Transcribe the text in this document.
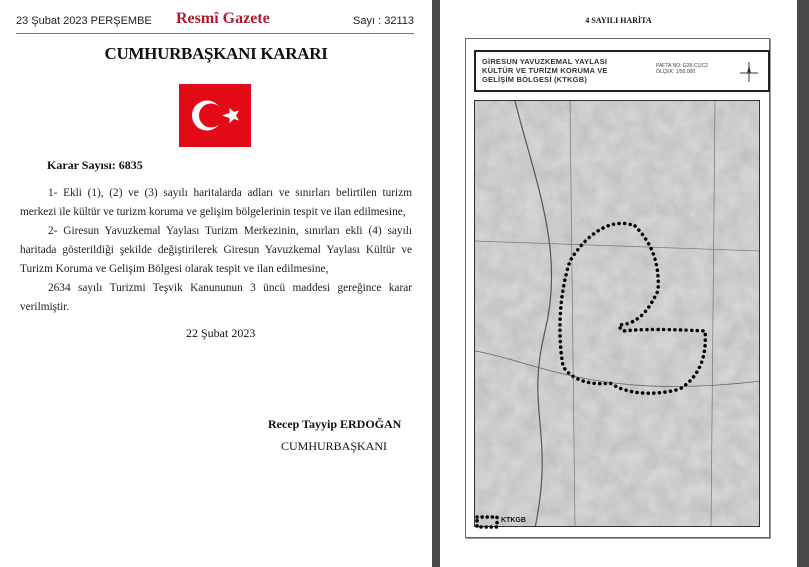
23 Şubat 2023 PERŞEMBE Resmî Gazete	Sayı : 32113
CUMHURBAŞKANI KARARI
Karar Sayısı: 6835

1- Ekli (1), (2) ve (3) sayılı haritalarda adları ve sınırları belirtilen turizm merkezi ile kültür ve turizm koruma ve gelişim bölgelerinin tespit ve ilan edilmesine,

2- Giresun Yavuzkemal Yaylası Turizm Merkezinin, sınırları ekli (4) sayılı haritada gösterildiği şekilde değiştirilerek Giresun Yavuzkemal Yaylası Kültür ve Turizm Koruma ve Gelişim Bölgesi olarak tespit ve ilan edilmesine,

2634 sayılı Turizmi Teşvik Kanununun 3 üncü maddesi gereğince karar verilmiştir.

22 Şubat 2023
Recep Tayyip ERDOĞAN
CUMHURBAŞKANI
4 SAYILI HARİTA
GİRESUN YAVUZKEMAL YAYLASI
KÜLTÜR VE TURİZM KORUMA VE
GELİŞİM BÖLGESİ (KTKGB)
PAFTA NO: G28-C1/C2
ÖLÇEK: 1/50.000
KTKGB
